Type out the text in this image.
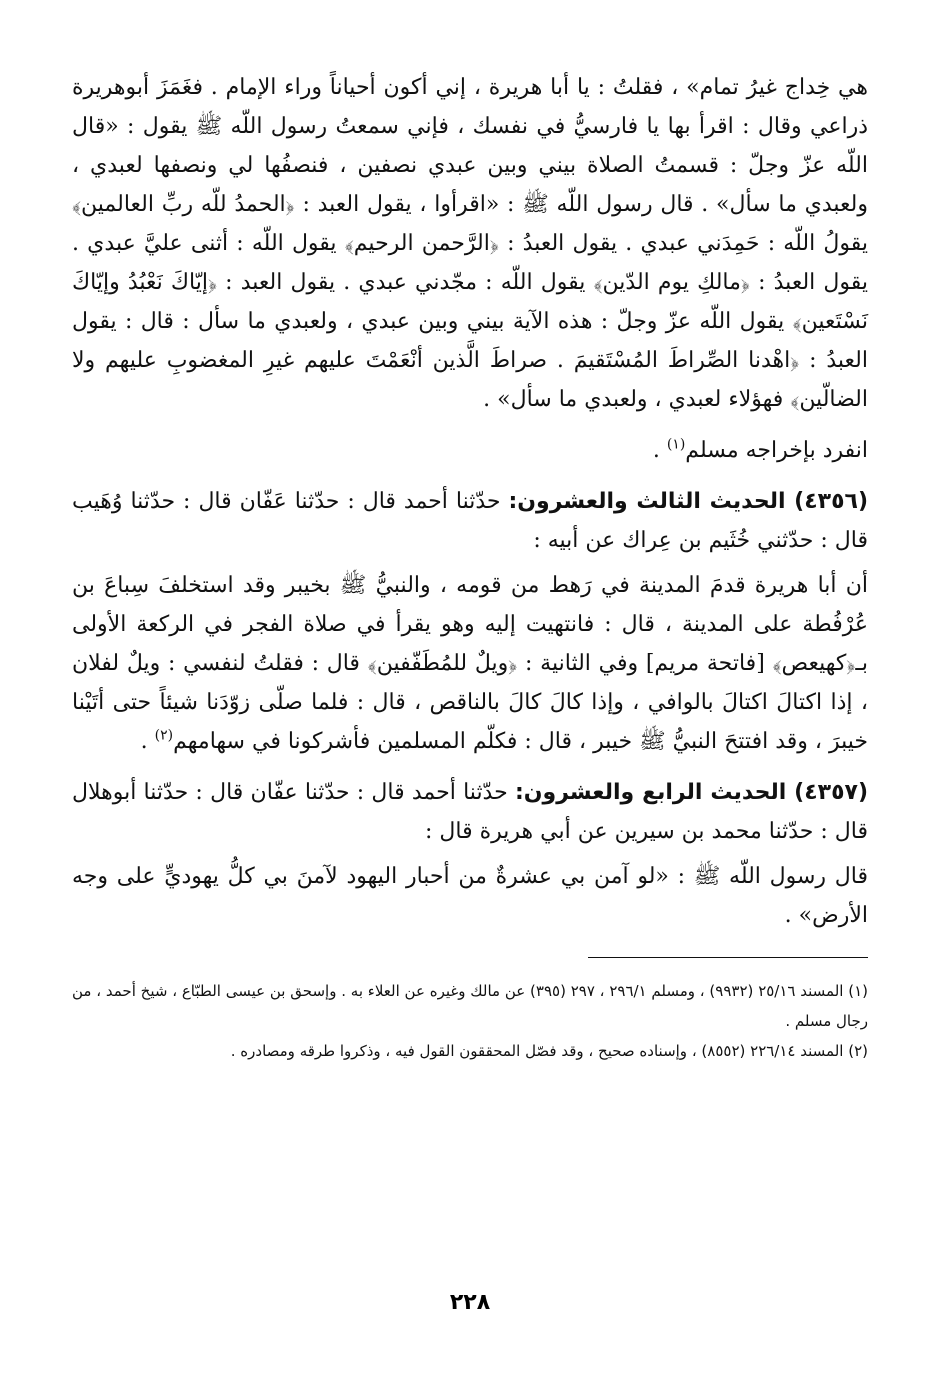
هي خِداج غيرُ تمام» ، فقلتُ : يا أبا هريرة ، إني أكون أحياناً وراء الإمام . فغَمَزَ أبوهريرة ذراعي وقال : اقرأ بها يا فارسيُّ في نفسك ، فإني سمعتُ رسول اللّه ﷺ يقول : «قال اللّه عزّ وجلّ : قسمتُ الصلاة بيني وبين عبدي نصفين ، فنصفُها لي ونصفها لعبدي ، ولعبدي ما سأل» . قال رسول اللّه ﷺ : «اقرأوا ، يقول العبد : ﴿الحمدُ للّه ربِّ العالمين﴾ يقولُ اللّه : حَمِدَني عبدي . يقول العبدُ : ﴿الرَّحمن الرحيم﴾ يقول اللّه : أثنى عليَّ عبدي . يقول العبدُ : ﴿مالكِ يوم الدّين﴾ يقول اللّه : مجّدني عبدي . يقول العبد : ﴿إيّاكَ نَعْبُدُ وإيّاكَ نَسْتَعين﴾ يقول اللّه عزّ وجلّ : هذه الآية بيني وبين عبدي ، ولعبدي ما سأل : قال : يقول العبدُ : ﴿اهْدنا الصِّراطَ المُسْتَقيمَ . صراطَ الَّذين أنْعَمْتَ عليهم غيرِ المغضوبِ عليهم ولا الضالّين﴾ فهؤلاء لعبدي ، ولعبدي ما سأل» .

انفرد بإخراجه مسلم$^{(١)}$ .

(٤٣٥٦) الحديث الثالث والعشرون: حدّثنا أحمد قال : حدّثنا عَفّان قال : حدّثنا وُهَيب قال : حدّثني خُثَيم بن عِراك عن أبيه :

أن أبا هريرة قدمَ المدينة في رَهط من قومه ، والنبيُّ ﷺ بخيبر وقد استخلفَ سِباعَ بن عُرْفُطة على المدينة ، قال : فانتهيت إليه وهو يقرأ في صلاة الفجر في الركعة الأولى بـ﴿كهيعص﴾ [فاتحة مريم] وفي الثانية : ﴿ويلٌ للمُطَفّفين﴾ قال : فقلتُ لنفسي : ويلٌ لفلان ، إذا اكتالَ اكتالَ بالوافي ، وإذا كالَ كالَ بالناقص ، قال : فلما صلّى زوّدَنا شيئاً حتى أتَيْنا خيبرَ ، وقد افتتحَ النبيُّ ﷺ خيبر ، قال : فكلّم المسلمين فأشركونا في سهامهم$^{(٢)}$ .

(٤٣٥٧) الحديث الرابع والعشرون: حدّثنا أحمد قال : حدّثنا عفّان قال : حدّثنا أبوهلال قال : حدّثنا محمد بن سيرين عن أبي هريرة قال :

قال رسول اللّه ﷺ : «لو آمن بي عشرةٌ من أحبار اليهود لآمنَ بي كلُّ يهوديٍّ على وجه الأرض» .

(١) المسند ٢٥/١٦ (٩٩٣٢) ، ومسلم ٢٩٦/١ ، ٢٩٧ (٣٩٥) عن مالك وغيره عن العلاء به . وإسحق بن عيسى الطبّاع ، شيخ أحمد ، من رجال مسلم .

(٢) المسند ٢٢٦/١٤ (٨٥٥٢) ، وإسناده صحيح ، وقد فصّل المحققون القول فيه ، وذكروا طرقه ومصادره .

٢٢٨
